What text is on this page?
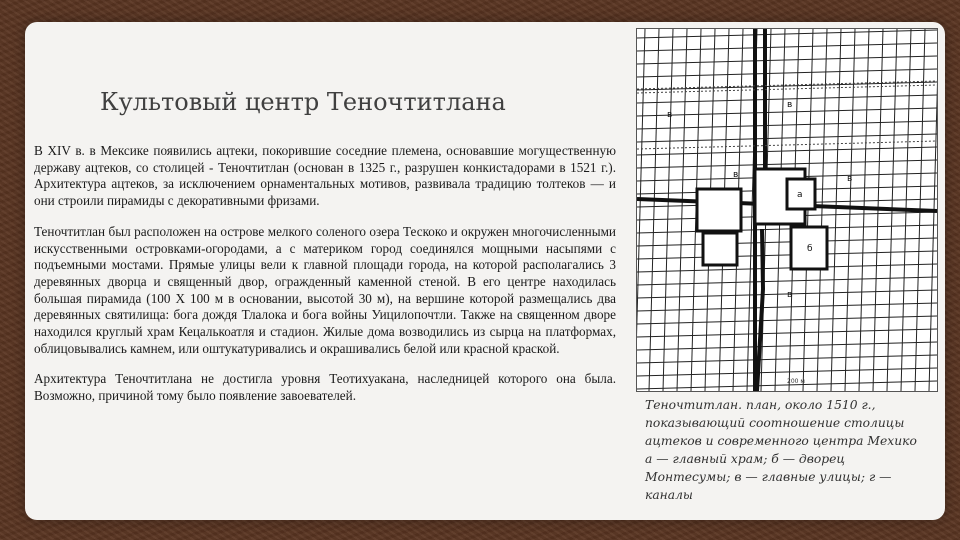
Культовый центр Теночтитлана

В XIV в. в Мексике появились ацтеки, покорившие соседние племена, основавшие могущественную державу ацтеков, со столицей - Теночтитлан (основан в 1325 г., разрушен конкистадорами в 1521 г.). Архитектура ацтеков, за исключением орнаментальных мотивов, развивала традицию толтеков — и они строили пирамиды с декоративными фризами.

Теночтитлан был расположен на острове мелкого соленого озера Тескоко и окружен многочисленными искусственными островками-огородами, а с материком город соединялся мощными насыпями с подъемными мостами. Прямые улицы вели к главной площади города, на которой располагались 3 деревянных дворца и священный двор, огражденный каменной стеной. В его центре находилась большая пирамида (100 X 100 м в основании, высотой 30 м), на вершине которой размещались два деревянных святилища: бога дождя Тлалока и бога войны Уицилопочтли. Также на священном дворе находился круглый храм Кецалькоатля и стадион. Жилые дома возводились из сырца на платформах, облицовывались камнем, или оштукатуривались и окрашивались белой или красной краской.

Архитектура Теночтитлана не достигла уровня Теотихуакана, наследницей которого она была. Возможно, причиной тому было появление завоевателей.

а
б
в
в
в	в
в
200 м

Теночтитлан. план, около 1510 г., показывающий соотношение столицы ацтеков и современного центра Мехико а — главный храм; б — дворец Монтесумы; в — главные улицы; г — каналы
